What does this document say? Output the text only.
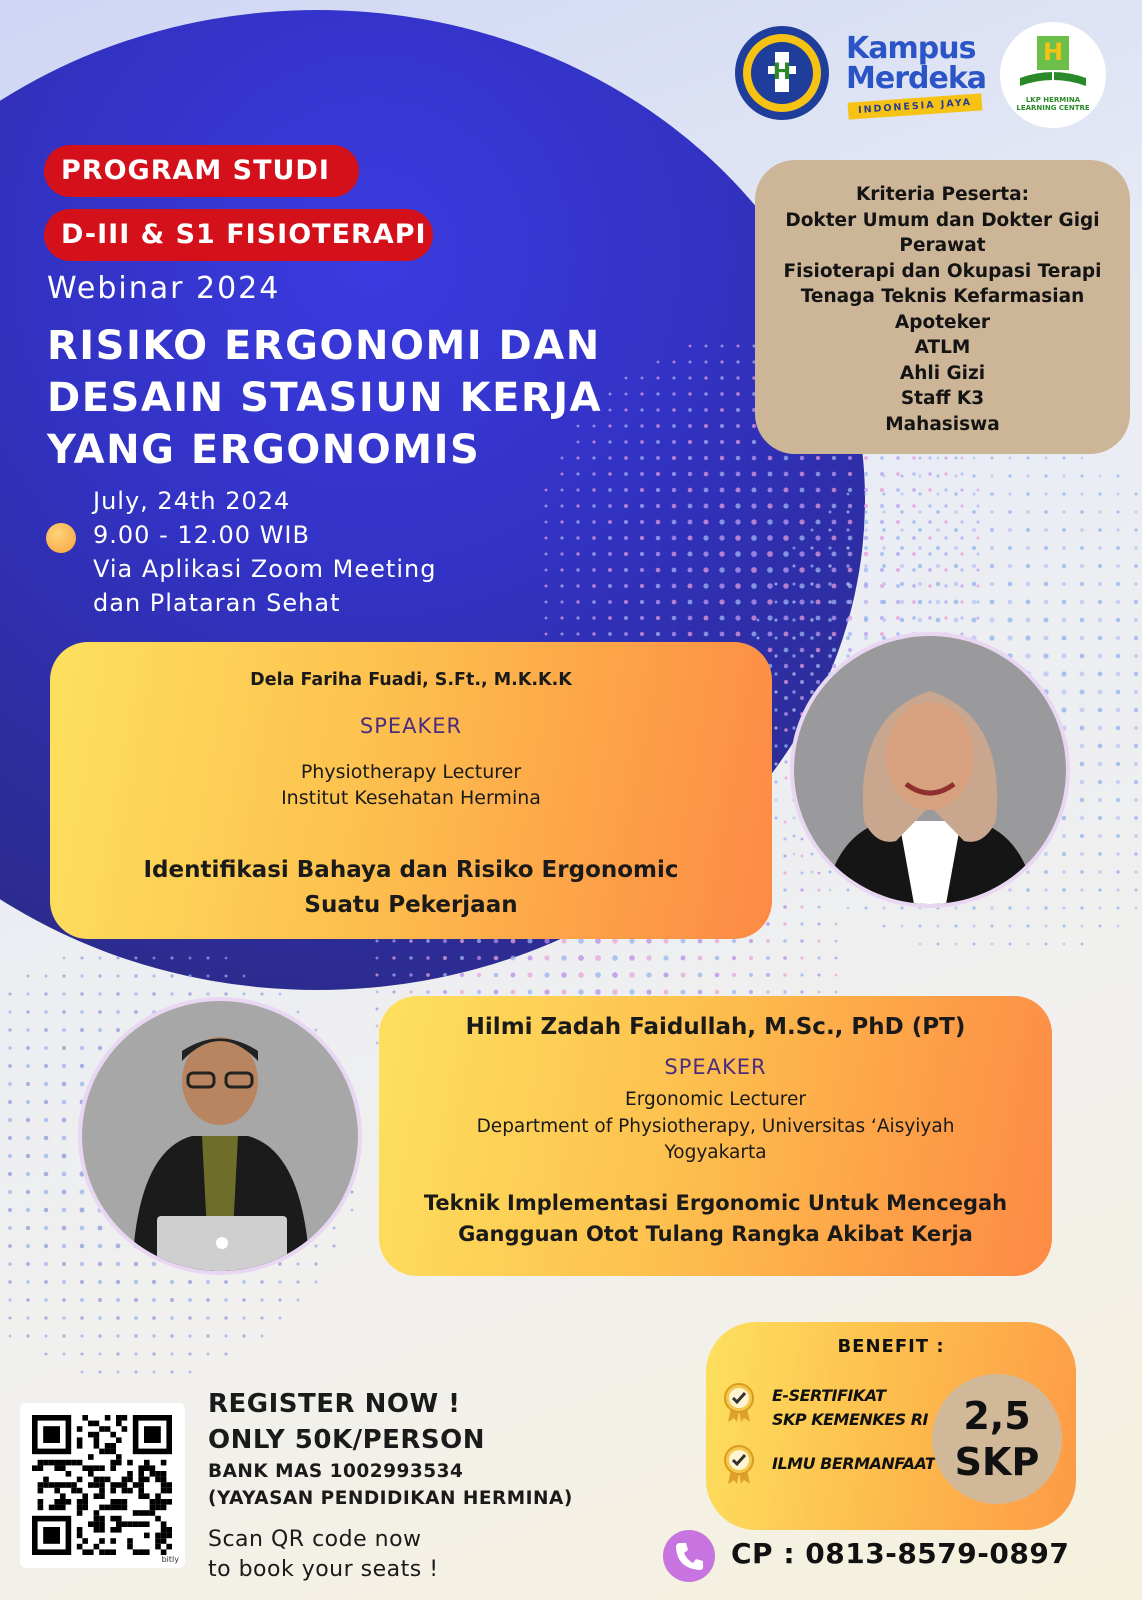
H
Kampus
Merdeka
INDONESIA JAYA
H
LKP HERMINA
LEARNING CENTRE
PROGRAM STUDI
D-III & S1 FISIOTERAPI
Webinar 2024
RISIKO ERGONOMI DAN
DESAIN STASIUN KERJA
YANG ERGONOMIS
July, 24th 2024
9.00 - 12.00 WIB
Via Aplikasi Zoom Meeting
dan Plataran Sehat
Kriteria Peserta:
Dokter Umum dan Dokter Gigi
Perawat
Fisioterapi dan Okupasi Terapi
Tenaga Teknis Kefarmasian
Apoteker
ATLM
Ahli Gizi
Staff K3
Mahasiswa
Dela Fariha Fuadi, S.Ft., M.K.K.K
SPEAKER
Physiotherapy Lecturer
Institut Kesehatan Hermina
Identifikasi Bahaya dan Risiko Ergonomic
Suatu Pekerjaan
Hilmi Zadah Faidullah, M.Sc., PhD (PT)
SPEAKER
Ergonomic Lecturer
Department of Physiotherapy, Universitas ‘Aisyiyah
Yogyakarta
Teknik Implementasi Ergonomic Untuk Mencegah
Gangguan Otot Tulang Rangka Akibat Kerja
BENEFIT :
E-SERTIFIKAT
SKP KEMENKES RI
ILMU BERMANFAAT
2,5
SKP
bitly
REGISTER NOW !
ONLY 50K/PERSON
BANK MAS 1002993534
(YAYASAN PENDIDIKAN HERMINA)
Scan QR code now
to book your seats !	CP : 0813-8579-0897
